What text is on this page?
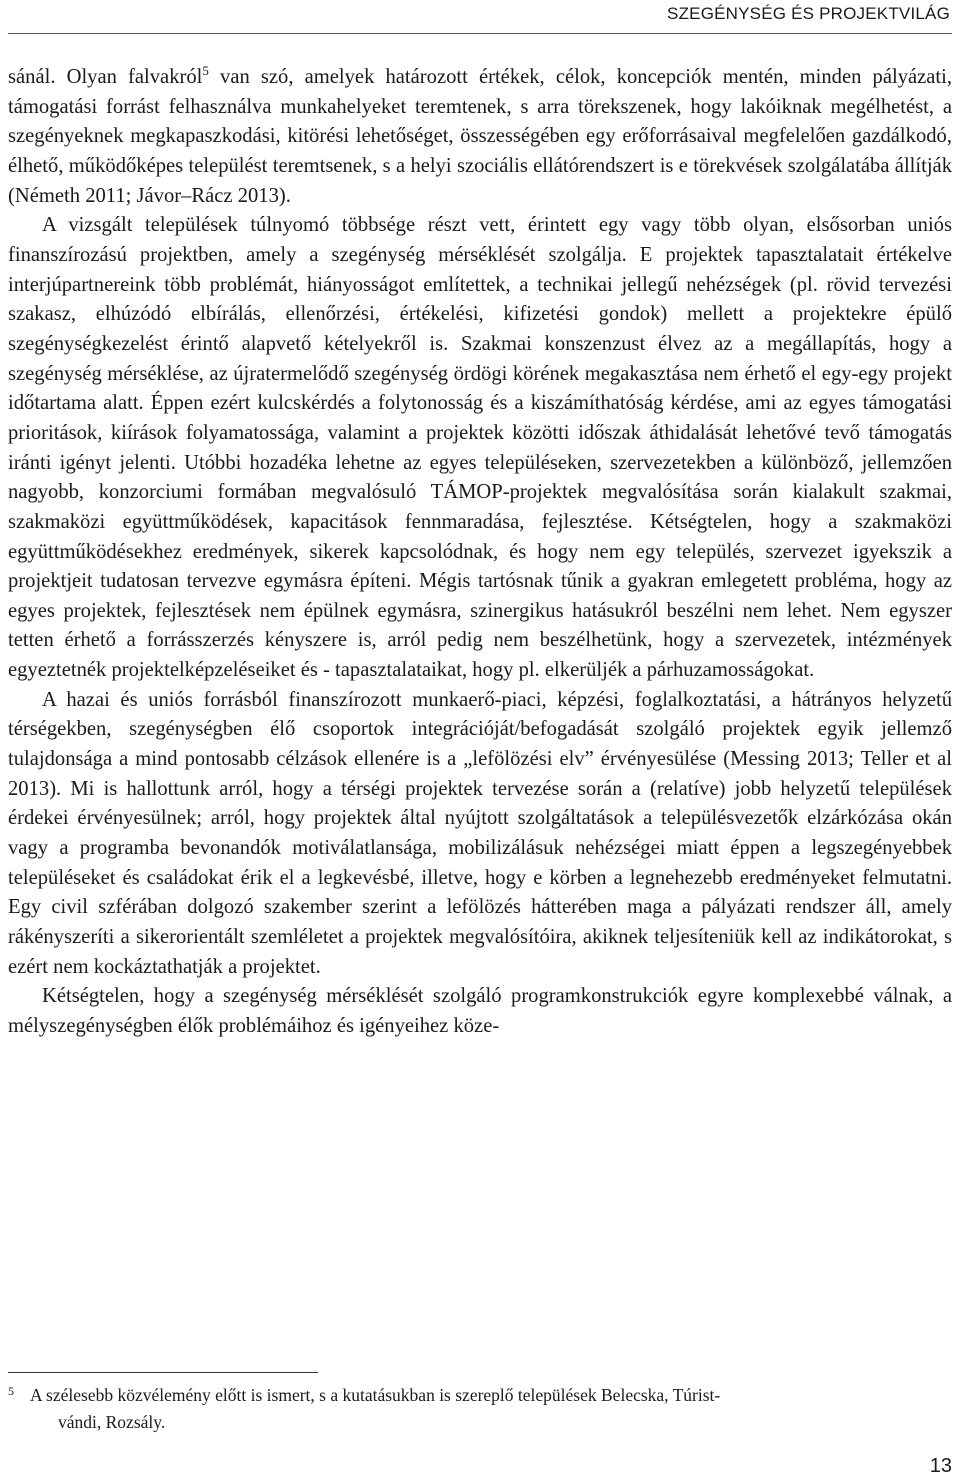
SZEGÉNYSÉG ÉS PROJEKTVILÁG

sánál. Olyan falvakról$^5$ van szó, amelyek határozott értékek, célok, koncepciók mentén, minden pályázati, támogatási forrást felhasználva munkahelyeket teremtenek, s arra törekszenek, hogy lakóiknak megélhetést, a szegényeknek megkapaszkodási, kitörési lehetőséget, összességében egy erőforrásaival megfelelően gazdálkodó, élhető, működőképes települést teremtsenek, s a helyi szociális ellátórendszert is e törekvések szolgálatába állítják (Németh 2011; Jávor–Rácz 2013).

A vizsgált települések túlnyomó többsége részt vett, érintett egy vagy több olyan, elsősorban uniós finanszírozású projektben, amely a szegénység mérséklését szolgálja. E projektek tapasztalatait értékelve interjúpartnereink több problémát, hiányosságot említettek, a technikai jellegű nehézségek (pl. rövid tervezési szakasz, elhúzódó elbírálás, ellenőrzési, értékelési, kifizetési gondok) mellett a projektekre épülő szegénységkezelést érintő alapvető kételyekről is. Szakmai konszenzust élvez az a megállapítás, hogy a szegénység mérséklése, az újratermelődő szegénység ördögi körének megakasztása nem érhető el egy-egy projekt időtartama alatt. Éppen ezért kulcskérdés a folytonosság és a kiszámíthatóság kérdése, ami az egyes támogatási prioritások, kiírások folyamatossága, valamint a projektek közötti időszak áthidalását lehetővé tevő támogatás iránti igényt jelenti. Utóbbi hozadéka lehetne az egyes településeken, szervezetekben a különböző, jellemzően nagyobb, konzorciumi formában megvalósuló TÁMOP-projektek megvalósítása során kialakult szakmai, szakmaközi együttműködések, kapacitások fennmaradása, fejlesztése. Kétségtelen, hogy a szakmaközi együttműködésekhez eredmények, sikerek kapcsolódnak, és hogy nem egy település, szervezet igyekszik a projektjeit tudatosan tervezve egymásra építeni. Mégis tartósnak tűnik a gyakran emlegetett probléma, hogy az egyes projektek, fejlesztések nem épülnek egymásra, szinergikus hatásukról beszélni nem lehet. Nem egyszer tetten érhető a forrásszerzés kényszere is, arról pedig nem beszélhetünk, hogy a szervezetek, intézmények egyeztetnék projektelképzeléseiket és - tapasztalataikat, hogy pl. elkerüljék a párhuzamosságokat.

A hazai és uniós forrásból finanszírozott munkaerő-piaci, képzési, foglalkoztatási, a hátrányos helyzetű térségekben, szegénységben élő csoportok integrációját/befogadását szolgáló projektek egyik jellemző tulajdonsága a mind pontosabb célzások ellenére is a „lefölözési elv” érvényesülése (Messing 2013; Teller et al 2013). Mi is hallottunk arról, hogy a térségi projektek tervezése során a (relatíve) jobb helyzetű települések érdekei érvényesülnek; arról, hogy projektek által nyújtott szolgáltatások a településvezetők elzárkózása okán vagy a programba bevonandók motiválatlansága, mobilizálásuk nehézségei miatt éppen a legszegényebbek településeket és családokat érik el a legkevésbé, illetve, hogy e körben a legnehezebb eredményeket felmutatni. Egy civil szférában dolgozó szakember szerint a lefölözés hátterében maga a pályázati rendszer áll, amely rákényszeríti a sikerorientált szemléletet a projektek megvalósítóira, akiknek teljesíteniük kell az indikátorokat, s ezért nem kockáztathatják a projektet.

Kétségtelen, hogy a szegénység mérséklését szolgáló programkonstrukciók egyre komplexebbé válnak, a mélyszegénységben élők problémáihoz és igényeihez köze-

5 A szélesebb közvélemény előtt is ismert, s a kutatásukban is szereplő települések Belecska, Túrist-
vándi, Rozsály.
13
